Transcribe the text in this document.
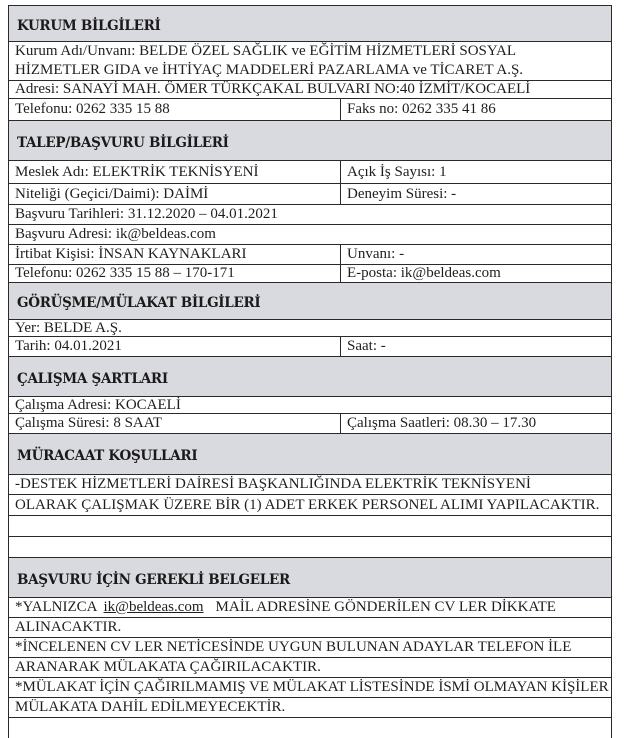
KURUM BİLGİLERİ
Kurum Adı/Unvanı: BELDE ÖZEL SAĞLIK ve EĞİTİM HİZMETLERİ SOSYAL
HİZMETLER GIDA ve İHTİYAÇ MADDELERİ PAZARLAMA ve TİCARET A.Ş.
Adresi: SANAYİ MAH. ÖMER TÜRKÇAKAL BULVARI NO:40 İZMİT/KOCAELİ
Telefonu: 0262 335 15 88	Faks no: 0262 335 41 86
TALEP/BAŞVURU BİLGİLERİ
Meslek Adı: ELEKTRİK TEKNİSYENİ	Açık İş Sayısı: 1
Niteliği (Geçici/Daimi): DAİMİ	Deneyim Süresi: -
Başvuru Tarihleri: 31.12.2020 – 04.01.2021
Başvuru Adresi: ik@beldeas.com
İrtibat Kişisi: İNSAN KAYNAKLARI	Unvanı: -
Telefonu: 0262 335 15 88 – 170-171	E-posta: ik@beldeas.com
GÖRÜŞME/MÜLAKAT BİLGİLERİ
Yer: BELDE A.Ş.
Tarih: 04.01.2021	Saat: -
ÇALIŞMA ŞARTLARI
Çalışma Adresi: KOCAELİ
Çalışma Süresi: 8 SAAT	Çalışma Saatleri: 08.30 – 17.30
MÜRACAAT KOŞULLARI
-DESTEK HİZMETLERİ DAİRESİ BAŞKANLIĞINDA ELEKTRİK TEKNİSYENİ
OLARAK ÇALIŞMAK ÜZERE BİR (1) ADET ERKEK PERSONEL ALIMI YAPILACAKTIR.
BAŞVURU İÇİN GEREKLİ BELGELER
*YALNIZCA ik@beldeas.com MAİL ADRESİNE GÖNDERİLEN CV LER DİKKATE
ALINACAKTIR.
*İNCELENEN CV LER NETİCESİNDE UYGUN BULUNAN ADAYLAR TELEFON İLE
ARANARAK MÜLAKATA ÇAĞIRILACAKTIR.
*MÜLAKAT İÇİN ÇAĞIRILMAMIŞ VE MÜLAKAT LİSTESİNDE İSMİ OLMAYAN KİŞİLER
MÜLAKATA DAHİL EDİLMEYECEKTİR.
